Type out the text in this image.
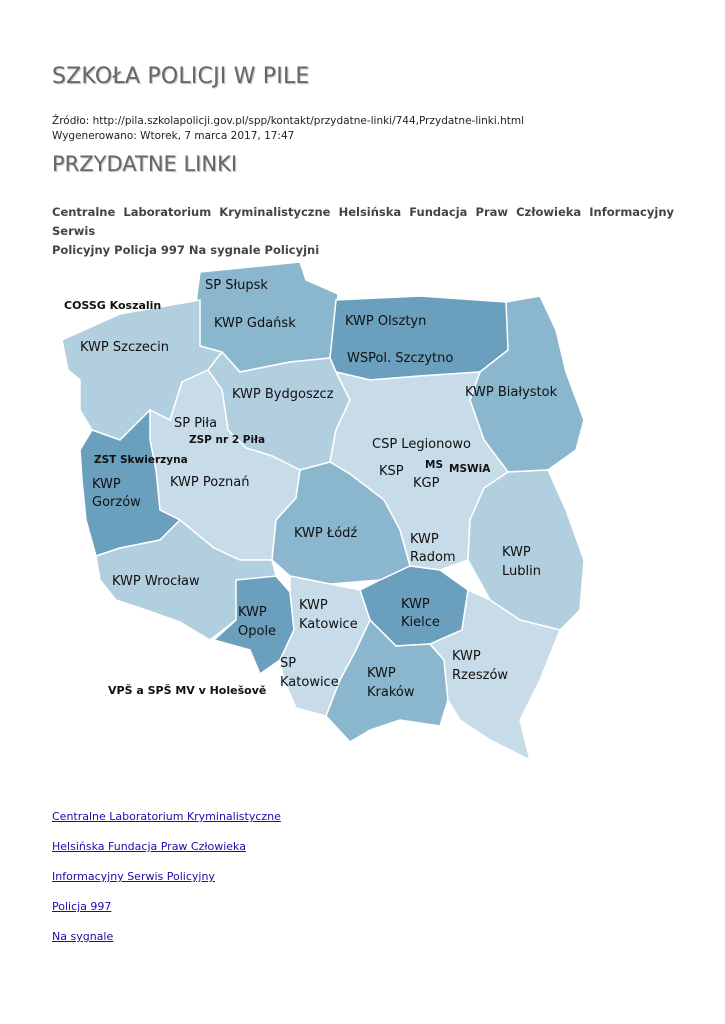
SZKOŁA POLICJI W PILE
Źródło: http://pila.szkolapolicji.gov.pl/spp/kontakt/przydatne-linki/744,Przydatne-linki.html
Wygenerowano: Wtorek, 7 marca 2017, 17:47
PRZYDATNE LINKI

Centralne Laboratorium Kryminalistyczne Helsińska Fundacja Praw Człowieka Informacyjny Serwis
Policyjny Policja 997 Na sygnale Policyjni

SP Słupsk
COSSG Koszalin
KWP Gdańsk	KWP Olsztyn
KWP Szczecin
WSPol. Szczytno
KWP Bydgoszcz	KWP Białystok
SP Piła
ZSP nr 2 Piła	CSP Legionowo
ZST Skwierzyna	MS
KSP	MSWiA
KGP
KWP	KWP Poznań
Gorzów
KWP Łódź	KWP
Radom	KWP
Lublin
KWP Wrocław
KWP
Opole
KWP
Katowice
KWP
Kielce
KWP
Rzeszów
SP
Katowice
KWP
VPŠ a SPŠ MV v Holešově	Kraków
Centralne Laboratorium Kryminalistyczne
Helsińska Fundacja Praw Człowieka
Informacyjny Serwis Policyjny
Policja 997
Na sygnale
